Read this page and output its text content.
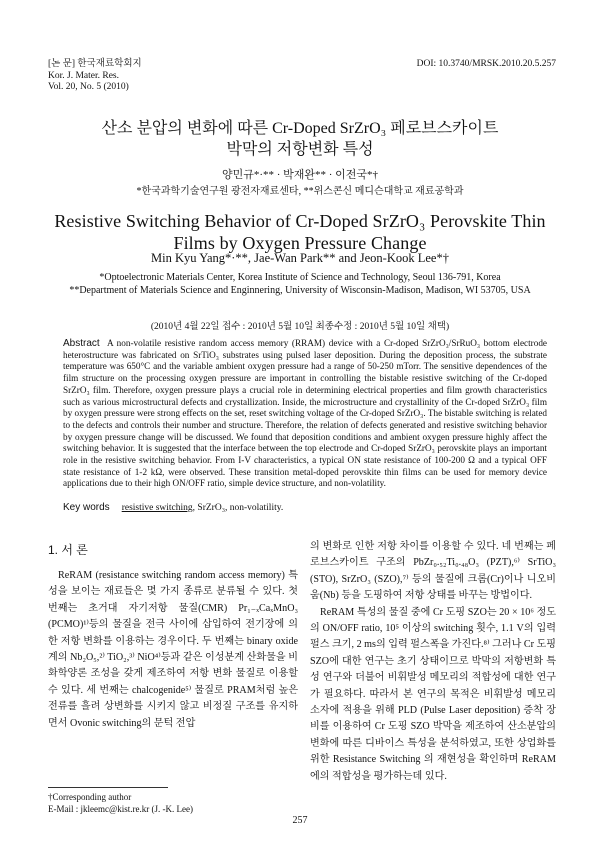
[논 문] 한국재료학회지
Kor. J. Mater. Res.
Vol. 20, No. 5 (2010)
DOI: 10.3740/MRSK.2010.20.5.257
산소 분압의 변화에 따른 Cr-Doped SrZrO₃ 페로브스카이트
박막의 저항변화 특성
양민규*·** · 박재완** · 이전국*†
*한국과학기술연구원 광전자재료센타, **위스콘신 메디슨대학교 재료공학과
Resistive Switching Behavior of Cr-Doped SrZrO₃ Perovskite Thin
Films by Oxygen Pressure Change
Min Kyu Yang*·**, Jae-Wan Park** and Jeon-Kook Lee*†
*Optoelectronic Materials Center, Korea Institute of Science and Technology, Seoul 136-791, Korea
**Department of Materials Science and Enginnering, University of Wisconsin-Madison, Madison, WI 53705, USA
(2010년 4월 22일 접수 : 2010년 5월 10일 최종수정 : 2010년 5월 10일 채택)
Abstract A non-volatile resistive random access memory (RRAM) device with a Cr-doped SrZrO₃/SrRuO₃ bottom electrode heterostructure was fabricated on SrTiO₃ substrates using pulsed laser deposition. During the deposition process, the substrate temperature was 650°C and the variable ambient oxygen pressure had a range of 50-250 mTorr. The sensitive dependences of the film structure on the processing oxygen pressure are important in controlling the bistable resistive switching of the Cr-doped SrZrO₃ film. Therefore, oxygen pressure plays a crucial role in determining electrical properties and film growth characteristics such as various microstructural defects and crystallization. Inside, the microstructure and crystallinity of the Cr-doped SrZrO₃ film by oxygen pressure were strong effects on the set, reset switching voltage of the Cr-doped SrZrO₃. The bistable switching is related to the defects and controls their number and structure. Therefore, the relation of defects generated and resistive switching behavior by oxygen pressure change will be discussed. We found that deposition conditions and ambient oxygen pressure highly affect the switching behavior. It is suggested that the interface between the top electrode and Cr-doped SrZrO₃ perovskite plays an important role in the resistive switching behavior. From I-V characteristics, a typical ON state resistance of 100-200 Ω and a typical OFF state resistance of 1-2 kΩ, were observed. These transition metal-doped perovskite thin films can be used for memory device applications due to their high ON/OFF ratio, simple device structure, and non-volatility.
Key words resistive switching, SrZrO₃, non-volatility.
1. 서 론

ReRAM (resistance switching random access memory) 특성을 보이는 재료들은 몇 가지 종류로 분류될 수 있다. 첫 번째는 초거대 자기저항 물질(CMR) Pr₁₋ₓCaₓMnO₃ (PCMO)¹⁾등의 물질을 전극 사이에 삽입하여 전기장에 의한 저항 변화를 이용하는 경우이다. 두 번째는 binary oxide계의 Nb₂O₅,²⁾ TiO₂,³⁾ NiO⁴⁾등과 같은 이성분계 산화물을 비화학양론 조성을 갖게 제조하여 저항 변화 물질로 이용할 수 있다. 세 번째는 chalcogenide⁵⁾ 물질로 PRAM처럼 높은 전류를 흘려 상변화를 시키지 않고 비정질 구조를 유지하면서 Ovonic switching의 문턱 전압

†Corresponding author
E-Mail : jkleemc@kist.re.kr (J. -K. Lee)

의 변화로 인한 저항 차이를 이용할 수 있다. 네 번째는 페로브스카이트 구조의 PbZr₀.₅₂Ti₀.₄₈O₃ (PZT),⁶⁾ SrTiO₃ (STO), SrZrO₃ (SZO),⁷⁾ 등의 물질에 크롬(Cr)이나 니오비움(Nb) 등을 도핑하여 저항 상태를 바꾸는 방법이다.

ReRAM 특성의 물질 중에 Cr 도핑 SZO는 20 × 10⁶ 정도의 ON/OFF ratio, 10⁵ 이상의 switching 횟수, 1.1 V의 입력 펄스 크기, 2 ms의 입력 펄스폭을 가진다.⁸⁾ 그러나 Cr 도핑 SZO에 대한 연구는 초기 상태이므로 박막의 저항변화 특성 연구와 더불어 비휘발성 메모리의 적합성에 대한 연구가 필요하다. 따라서 본 연구의 목적은 비휘발성 메모리 소자에 적용을 위해 PLD (Pulse Laser deposition) 증착 장비를 이용하여 Cr 도핑 SZO 박막을 제조하여 산소분압의 변화에 따른 디바이스 특성을 분석하였고, 또한 상업화를 위한 Resistance Switching 의 재현성을 확인하며 ReRAM에의 적합성을 평가하는데 있다.

257
